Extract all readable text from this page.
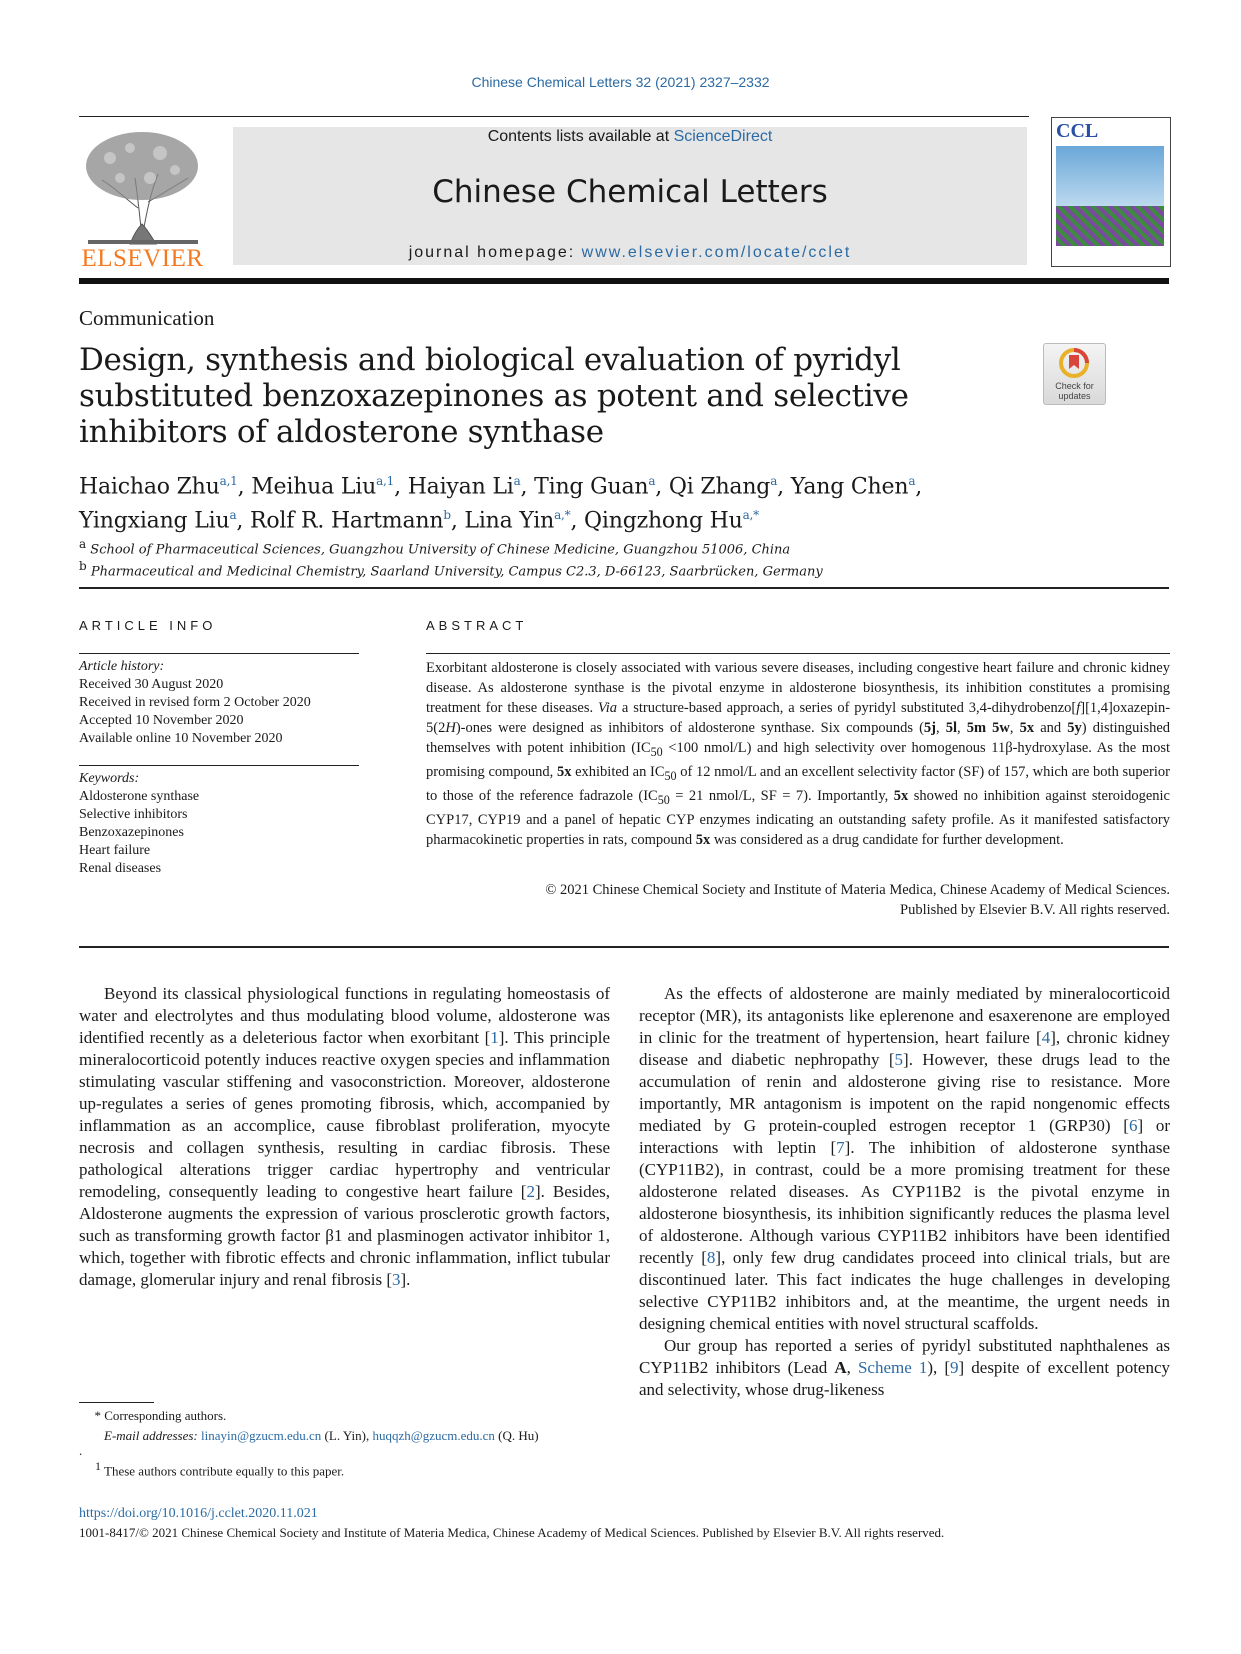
Chinese Chemical Letters 32 (2021) 2327–2332
ELSEVIER
Contents lists available at ScienceDirect
Chinese Chemical Letters
journal homepage: www.elsevier.com/locate/cclet
CCL
Communication
Design, synthesis and biological evaluation of pyridyl substituted benzoxazepinones as potent and selective inhibitors of aldosterone synthase
Check for updates
Haichao Zhu$^{a,1}$, Meihua Liu$^{a,1}$, Haiyan Li$^a$, Ting Guan$^a$, Qi Zhang$^a$, Yang Chen$^a$,
Yingxiang Liu$^a$, Rolf R. Hartmann$^b$, Lina Yin$^{a,*}$, Qingzhong $Hu^{a,*}$
$^a$ School of Pharmaceutical Sciences, Guangzhou University of Chinese Medicine, Guangzhou 51006, China
$^b$ Pharmaceutical and Medicinal Chemistry, Saarland University, Campus C2.3, D-66123, Saarbrücken, Germany
ARTICLE INFO
Article history:
Received 30 August 2020
Received in revised form 2 October 2020
Accepted 10 November 2020
Available online 10 November 2020
Keywords:
Aldosterone synthase
Selective inhibitors
Benzoxazepinones
Heart failure
Renal diseases
ABSTRACT
Exorbitant aldosterone is closely associated with various severe diseases, including congestive heart failure and chronic kidney disease. As aldosterone synthase is the pivotal enzyme in aldosterone biosynthesis, its inhibition constitutes a promising treatment for these diseases. Via a structure-based approach, a series of pyridyl substituted 3,4-dihydrobenzo[f][1,4]oxazepin-5(2H)-ones were designed as inhibitors of aldosterone synthase. Six compounds (5j, 5l, 5m 5w, 5x and 5y) distinguished themselves with potent inhibition ($IC_{50} <100$ nmol/L) and high selectivity over homogenous 11β-hydroxylase. As the most promising compound, 5x exhibited an $IC_{50}$ of 12 nmol/L and an excellent selectivity factor (SF) of 157, which are both superior to those of the reference fadrazole ($IC_{50} = 21$ nmol/L, SF = 7). Importantly, 5x showed no inhibition against steroidogenic CYP17, CYP19 and a panel of hepatic CYP enzymes indicating an outstanding safety profile. As it manifested satisfactory pharmacokinetic properties in rats, compound 5x was considered as a drug candidate for further development.
© 2021 Chinese Chemical Society and Institute of Materia Medica, Chinese Academy of Medical Sciences.
Published by Elsevier B.V. All rights reserved.

Beyond its classical physiological functions in regulating homeostasis of water and electrolytes and thus modulating blood volume, aldosterone was identified recently as a deleterious factor when exorbitant [1]. This principle mineralocorticoid potently induces reactive oxygen species and inflammation stimulating vascular stiffening and vasoconstriction. Moreover, aldosterone up-regulates a series of genes promoting fibrosis, which, accompanied by inflammation as an accomplice, cause fibroblast proliferation, myocyte necrosis and collagen synthesis, resulting in cardiac fibrosis. These pathological alterations trigger cardiac hypertrophy and ventricular remodeling, consequently leading to congestive heart failure [2]. Besides, Aldosterone augments the expression of various prosclerotic growth factors, such as transforming growth factor β1 and plasminogen activator inhibitor 1, which, together with fibrotic effects and chronic inflammation, inflict tubular damage, glomerular injury and renal fibrosis [3].

As the effects of aldosterone are mainly mediated by mineralocorticoid receptor (MR), its antagonists like eplerenone and esaxerenone are employed in clinic for the treatment of hypertension, heart failure [4], chronic kidney disease and diabetic nephropathy [5]. However, these drugs lead to the accumulation of renin and aldosterone giving rise to resistance. More importantly, MR antagonism is impotent on the rapid nongenomic effects mediated by G protein-coupled estrogen receptor 1 (GRP30) [6] or interactions with leptin [7]. The inhibition of aldosterone synthase (CYP11B2), in contrast, could be a more promising treatment for these aldosterone related diseases. As CYP11B2 is the pivotal enzyme in aldosterone biosynthesis, its inhibition significantly reduces the plasma level of aldosterone. Although various CYP11B2 inhibitors have been identified recently [8], only few drug candidates proceed into clinical trials, but are discontinued later. This fact indicates the huge challenges in developing selective CYP11B2 inhibitors and, at the meantime, the urgent needs in designing chemical entities with novel structural scaffolds.

Our group has reported a series of pyridyl substituted naphthalenes as CYP11B2 inhibitors (Lead A, Scheme 1), [9] despite of excellent potency and selectivity, whose drug-likeness

* Corresponding authors.
E-mail addresses: linayin@gzucm.edu.cn (L. Yin), huqqzh@gzucm.edu.cn (Q. Hu)
.
$^1$ These authors contribute equally to this paper.
https://doi.org/10.1016/j.cclet.2020.11.021
1001-8417/© 2021 Chinese Chemical Society and Institute of Materia Medica, Chinese Academy of Medical Sciences. Published by Elsevier B.V. All rights reserved.
